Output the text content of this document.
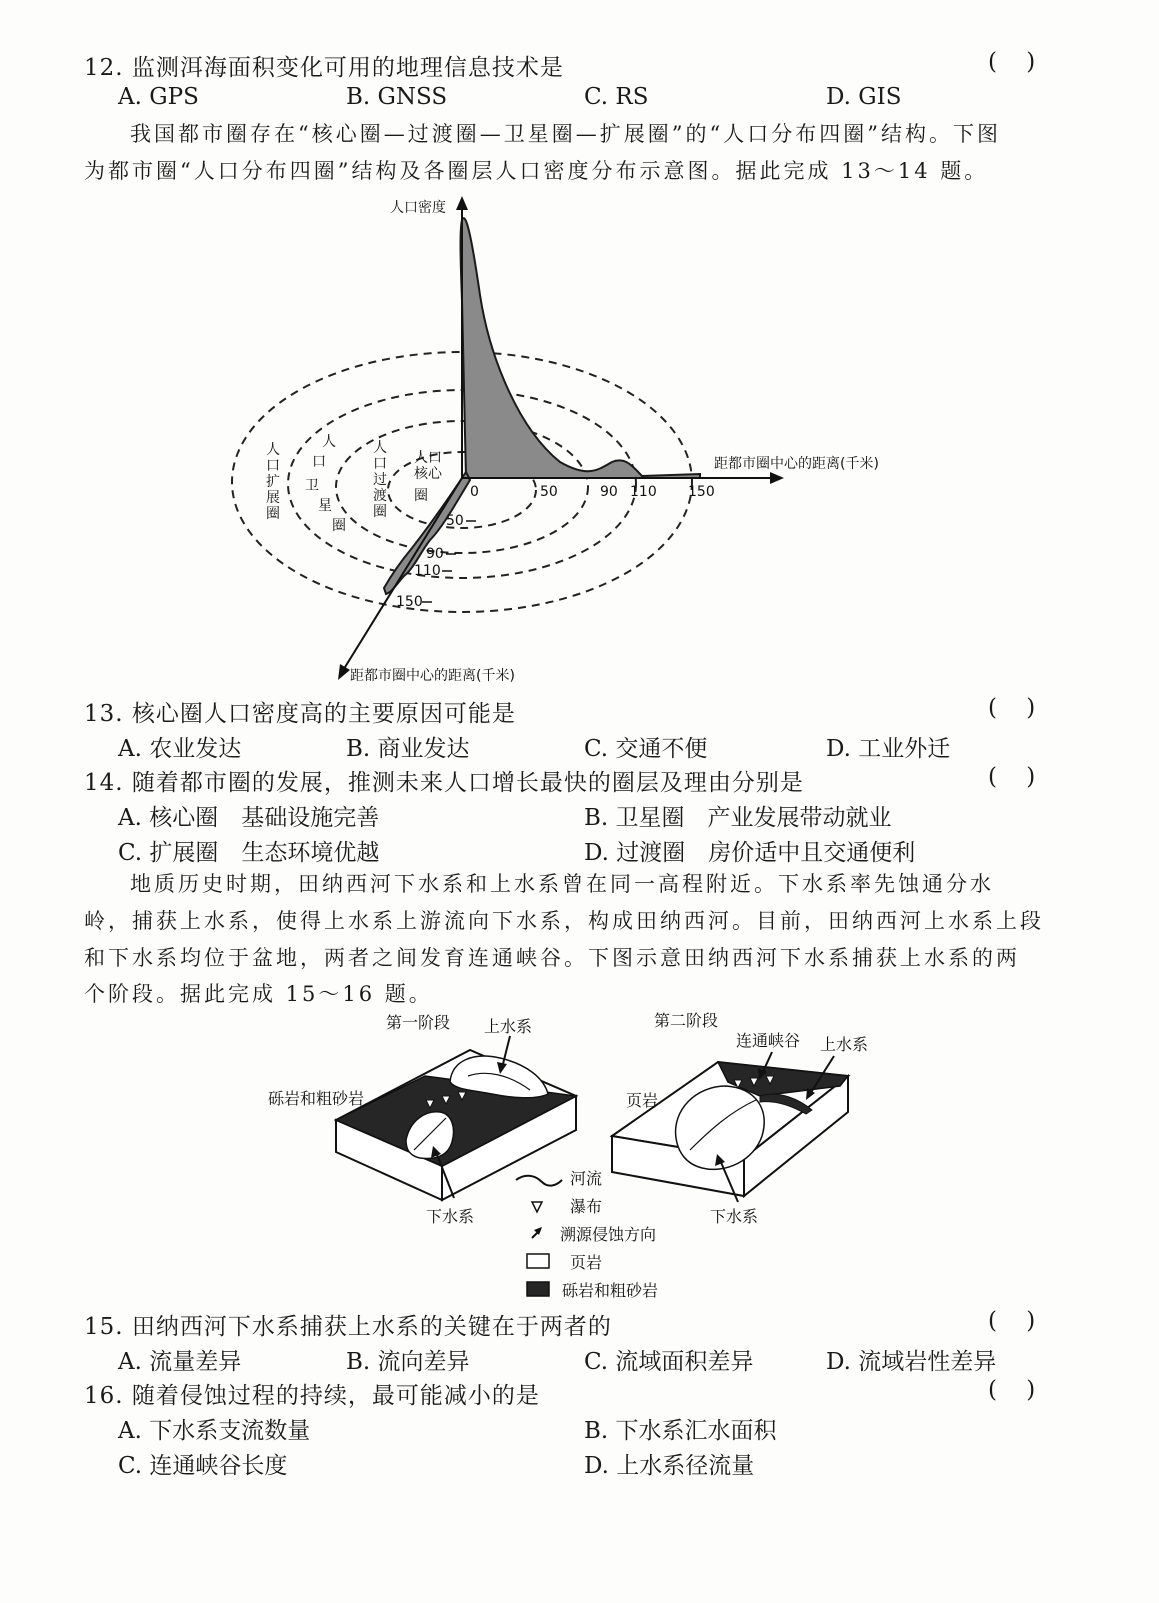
12. 监测洱海面积变化可用的地理信息技术是	(    )
A. GPS	B. GNSS	C. RS	D. GIS
我国都市圈存在“核心圈—过渡圈—卫星圈—扩展圈”的“人口分布四圈”结构。下图
为都市圈“人口分布四圈”结构及各圈层人口密度分布示意图。据此完成 13～14 题。
人口密度
距都市圈中心的距离(千米)
距都市圈中心的距离(千米)
0	50	90 110 150
50
90
110
150
人 口
核 心
圈
人
口
过
渡
圈
人
口
卫
星
圈
人
口
扩
展
圈
13. 核心圈人口密度高的主要原因可能是	(    )
A. 农业发达	B. 商业发达	C. 交通不便	D. 工业外迁
14. 随着都市圈的发展，推测未来人口增长最快的圈层及理由分别是	(    )
A. 核心圈　基础设施完善	B. 卫星圈　产业发展带动就业
C. 扩展圈　生态环境优越	D. 过渡圈　房价适中且交通便利
地质历史时期，田纳西河下水系和上水系曾在同一高程附近。下水系率先蚀通分水
岭，捕获上水系，使得上水系上游流向下水系，构成田纳西河。目前，田纳西河上水系上段
和下水系均位于盆地，两者之间发育连通峡谷。下图示意田纳西河下水系捕获上水系的两
个阶段。据此完成 15～16 题。
第一阶段 上水系
砾岩和粗砂岩
下水系
第二阶段
连通峡谷 上水系
页岩
下水系
河流
瀑布
溯源侵蚀方向
页岩
砾岩和粗砂岩
15. 田纳西河下水系捕获上水系的关键在于两者的	(    )
A. 流量差异	B. 流向差异	C. 流域面积差异	D. 流域岩性差异
16. 随着侵蚀过程的持续，最可能减小的是	(    )
A. 下水系支流数量	B. 下水系汇水面积
C. 连通峡谷长度	D. 上水系径流量
